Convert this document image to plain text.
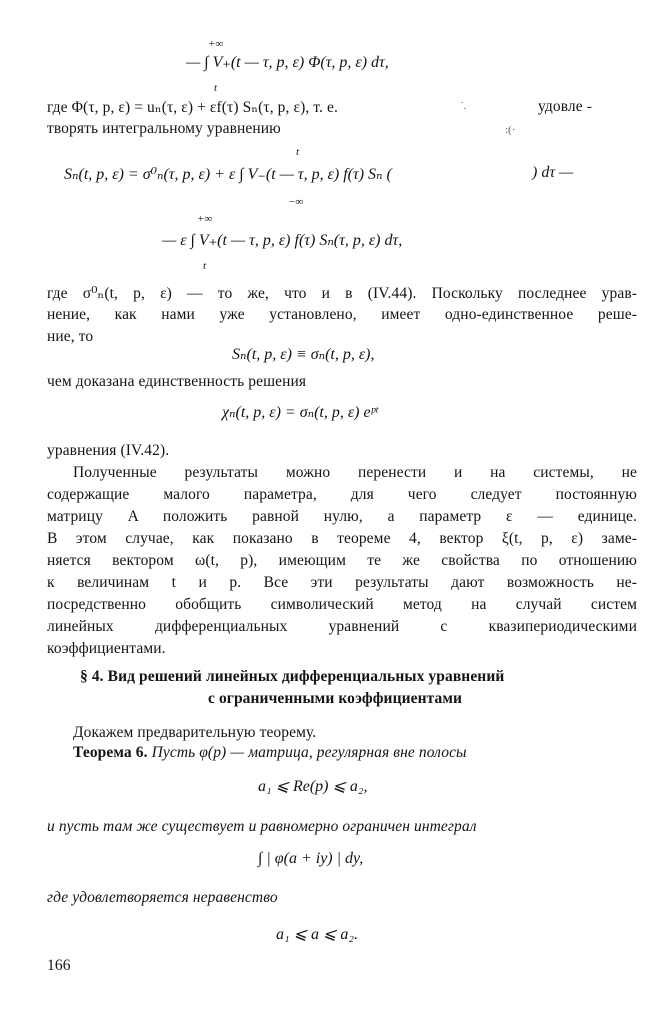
+∞
— ∫ V₊(t — τ, p, ε) Φ(τ, p, ε) dτ,
t
где Φ(τ, p, ε) = uₙ(τ, ε) + εf(τ) Sₙ(τ, p, ε), т. е.	˙.	удовле -
творять интегральному уравнению	:(·
t
Sₙ(t, p, ε) = σ⁰ₙ(τ, p, ε) + ε ∫ V₋(t — τ, p, ε) f(τ) Sₙ (	) dτ —
−∞
+∞
— ε ∫ V₊(t — τ, p, ε) f(τ) Sₙ(τ, p, ε) dτ,
t
где σ⁰ₙ(t, p, ε) — то же, что и в (IV.44). Поскольку последнее урав-
нение, как нами уже установлено, имеет одно-единственное реше-
ние, то
Sₙ(t, p, ε) ≡ σₙ(t, p, ε),
чем доказана единственность решения
χₙ(t, p, ε) = σₙ(t, p, ε) eᵖᵗ
уравнения (IV.42).
Полученные результаты можно перенести и на системы, не
содержащие малого параметра, для чего следует постоянную
матрицу A положить равной нулю, а параметр ε — единице.
В этом случае, как показано в теореме 4, вектор ξ(t, p, ε) заме-
няется вектором ω(t, p), имеющим те же свойства по отношению
к величинам t и p. Все эти результаты дают возможность не-
посредственно обобщить символический метод на случай систем
линейных дифференциальных уравнений с квазипериодическими
коэффициентами.
§ 4. Вид решений линейных дифференциальных уравнений
с ограниченными коэффициентами
Докажем предварительную теорему.
Теорема 6. Пусть φ(p) — матрица, регулярная вне полосы
a₁ ⩽ Re(p) ⩽ a₂,
и пусть там же существует и равномерно ограничен интеграл
∫ | φ(a + iy) | dy,
где удовлетворяется неравенство
a₁ ⩽ a ⩽ a₂.
166
